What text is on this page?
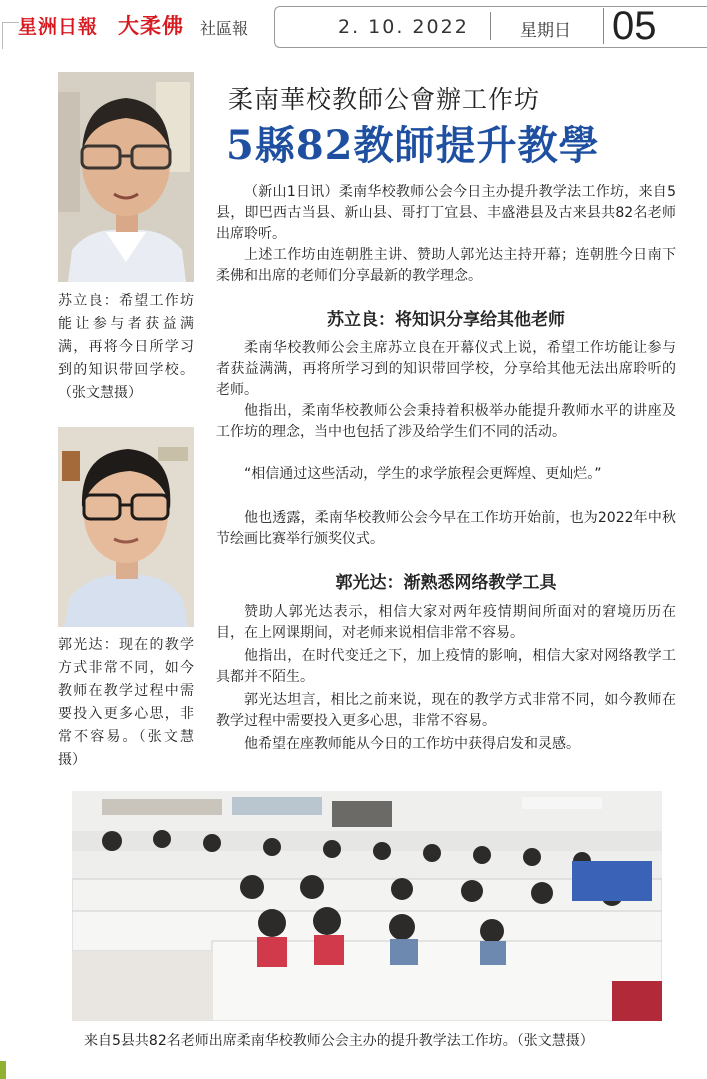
星洲日報 大柔佛 社區報	2. 10. 2022	星期日 05
苏立良：希望工作坊能让参与者获益满满，再将今日所学习到的知识带回学校。（张文慧摄）
郭光达：现在的教学方式非常不同，如今教师在教学过程中需要投入更多心思，非常不容易。（张文慧摄）
柔南華校教師公會辦工作坊
5縣82教師提升教學

（新山1日讯）柔南华校教师公会今日主办提升教学法工作坊，来自5县，即巴西古当县、新山县、哥打丁宜县、丰盛港县及古来县共82名老师出席聆听。

上述工作坊由连朝胜主讲、赞助人郭光达主持开幕；连朝胜今日南下柔佛和出席的老师们分享最新的教学理念。

苏立良：将知识分享给其他老师

柔南华校教师公会主席苏立良在开幕仪式上说，希望工作坊能让参与者获益满满，再将所学习到的知识带回学校，分享给其他无法出席聆听的老师。

他指出，柔南华校教师公会秉持着积极举办能提升教师水平的讲座及工作坊的理念，当中也包括了涉及给学生们不同的活动。

“相信通过这些活动，学生的求学旅程会更辉煌、更灿烂。”

他也透露，柔南华校教师公会今早在工作坊开始前，也为2022年中秋节绘画比赛举行颁奖仪式。

郭光达：渐熟悉网络教学工具

赞助人郭光达表示，相信大家对两年疫情期间所面对的窘境历历在目，在上网课期间，对老师来说相信非常不容易。

他指出，在时代变迁之下，加上疫情的影响，相信大家对网络教学工具都并不陌生。

郭光达坦言，相比之前来说，现在的教学方式非常不同，如今教师在教学过程中需要投入更多心思，非常不容易。

他希望在座教师能从今日的工作坊中获得启发和灵感。

来自5县共82名老师出席柔南华校教师公会主办的提升教学法工作坊。（张文慧摄）
